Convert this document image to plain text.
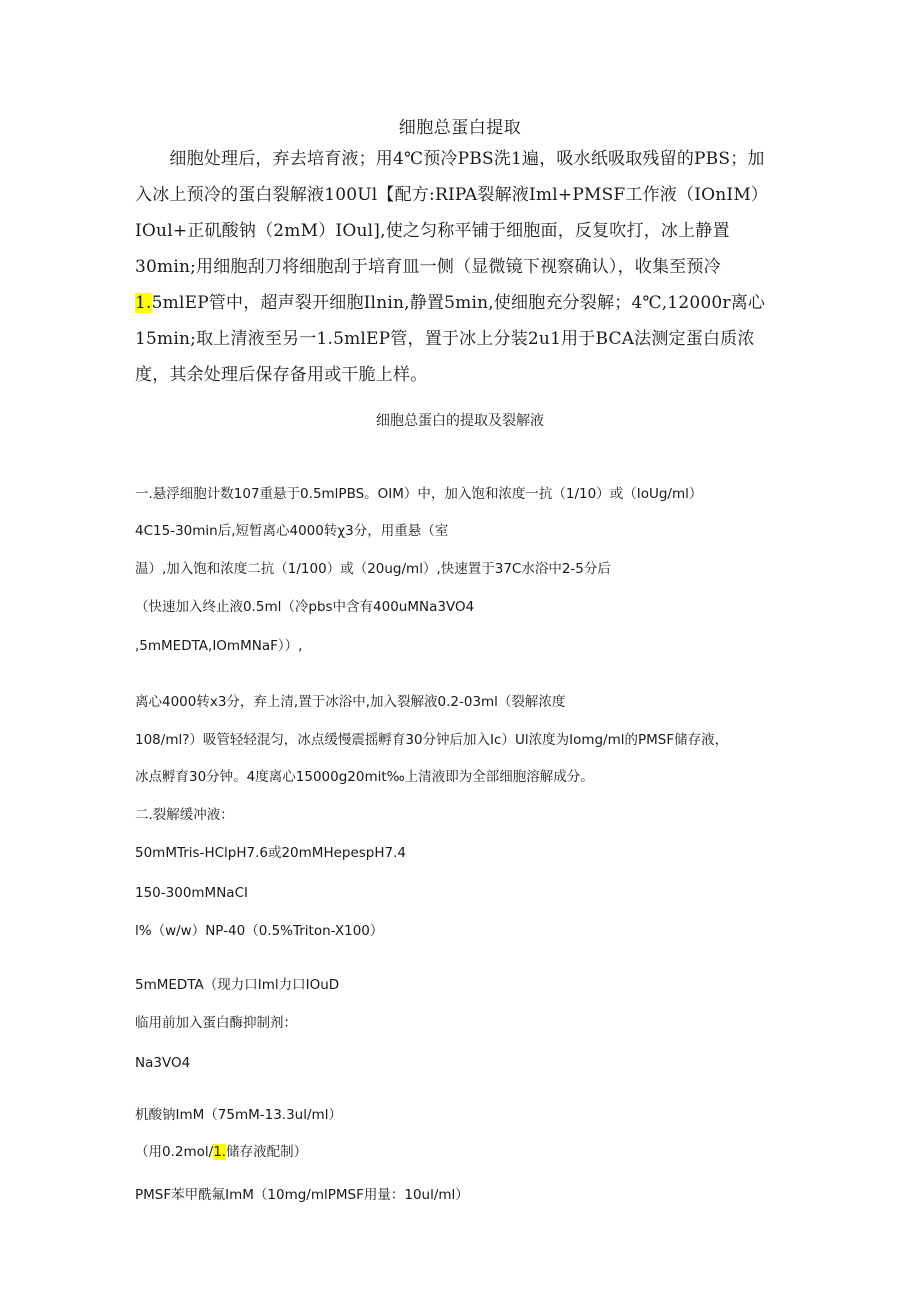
细胞总蛋白提取
　　细胞处理后，弃去培育液；用4℃预冷PBS洗1遍，吸水纸吸取残留的PBS；加
入冰上预冷的蛋白裂解液100Ul【配方:RIPA裂解液Iml+PMSF工作液（IOnIM）
IOul+正矶酸钠（2mM）IOul],使之匀称平铺于细胞面，反复吹打，冰上静置
30min;用细胞刮刀将细胞刮于培育皿一侧（显微镜下视察确认），收集至预冷
1.5mlEP管中，超声裂开细胞Ilnin,静置5min,使细胞充分裂解；4℃,12000r离心
15min;取上清液至另一1.5mlEP管，置于冰上分装2u1用于BCA法测定蛋白质浓
度，其余处理后保存备用或干脆上样。
细胞总蛋白的提取及裂解液
一.悬浮细胞计数107重悬于0.5mlPBS。OIM）中，加入饱和浓度一抗（1/10）或（IoUg/ml）
4C15-30min后,短暂离心4000转χ3分，用重悬（室
温）,加入饱和浓度二抗（1/100）或（20ug/ml）,快速置于37C水浴中2-5分后
（快速加入终止液0.5ml（冷pbs中含有400uMNa3VO4
,5mMEDTA,IOmMNaF））,
离心4000转x3分，弃上清,置于冰浴中,加入裂解液0.2-03ml（裂解浓度
108/ml?）吸管轻轻混匀，冰点缓慢震摇孵育30分钟后加入Ic）Ul浓度为Iomg/ml的PMSF储存液，
冰点孵育30分钟。4度离心15000g20mit‰上清液即为全部细胞溶解成分。
二.裂解缓冲液：
50mMTris-HClpH7.6或20mMHepespH7.4
150-300mMNaCI
l%（w/w）NP-40（0.5%Triton-X100）
5mMEDTA（现力口Iml力口IOuD
临用前加入蛋白酶抑制剂：
Na3VO4
机酸钠ImM（75mM-13.3ul/ml）
（用0.2mol/1.储存液配制）
PMSF苯甲酰氟ImM（10mg/mlPMSF用量：10ul/ml）
